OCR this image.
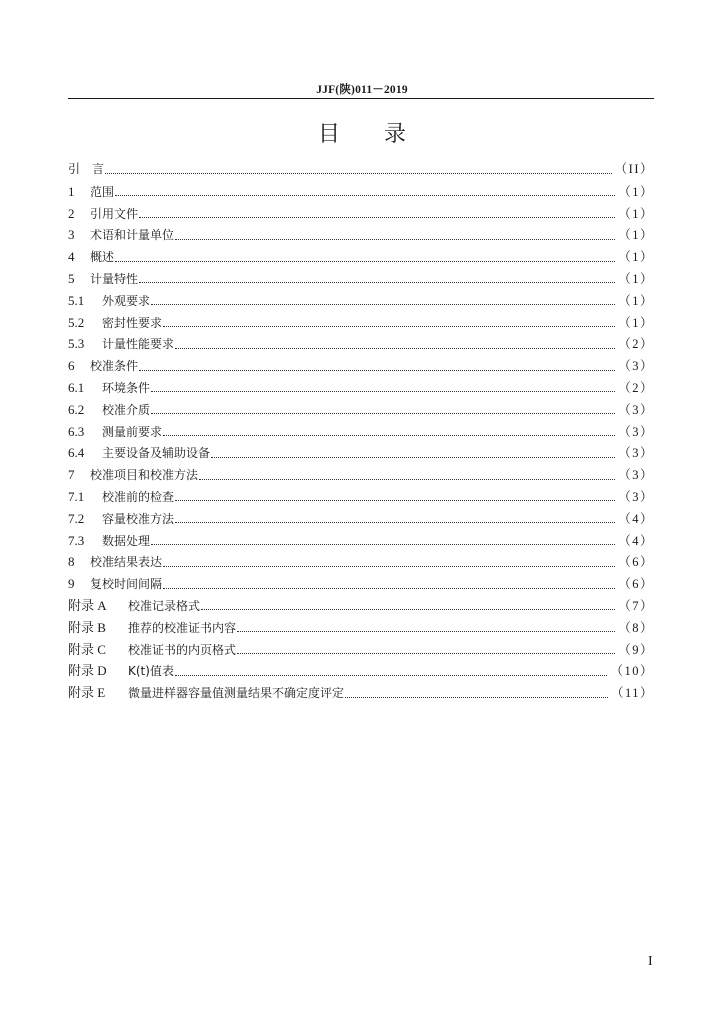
JJF(陕)011－2019
目　　录
引　言	（II）
1	范围	（1）
2	引用文件	（1）
3	术语和计量单位	（1）
4	概述	（1）
5	计量特性	（1）
5.1	外观要求	（1）
5.2	密封性要求	（1）
5.3	计量性能要求	（2）
6	校准条件	（3）
6.1	环境条件	（2）
6.2	校准介质	（3）
6.3	测量前要求	（3）
6.4	主要设备及辅助设备	（3）
7	校准项目和校准方法	（3）
7.1	校准前的检查	（3）
7.2	容量校准方法	（4）
7.3	数据处理	（4）
8	校准结果表达	（6）
9	复校时间间隔	（6）
附录 A	校准记录格式	（7）
附录 B	推荐的校准证书内容	（8）
附录 C	校准证书的内页格式	（9）
附录 D	K(t)值表	（10）
附录 E	微量进样器容量值测量结果不确定度评定	（11）
I
